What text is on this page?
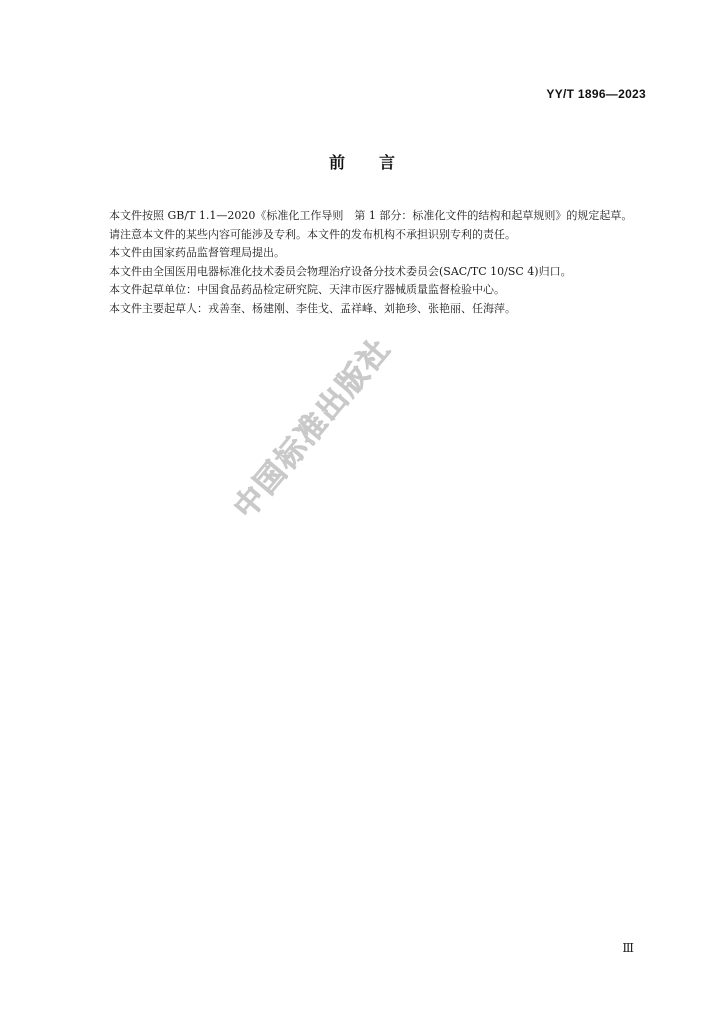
YY/T 1896—2023
前言

本文件按照 GB/T 1.1—2020《标准化工作导则　第 1 部分：标准化文件的结构和起草规则》的规定起草。

请注意本文件的某些内容可能涉及专利。本文件的发布机构不承担识别专利的责任。

本文件由国家药品监督管理局提出。

本文件由全国医用电器标准化技术委员会物理治疗设备分技术委员会(SAC/TC 10/SC 4)归口。

本文件起草单位：中国食品药品检定研究院、天津市医疗器械质量监督检验中心。

本文件主要起草人：戎善奎、杨建刚、李佳戈、孟祥峰、刘艳珍、张艳丽、任海萍。

中国标准出版社
Ⅲ
